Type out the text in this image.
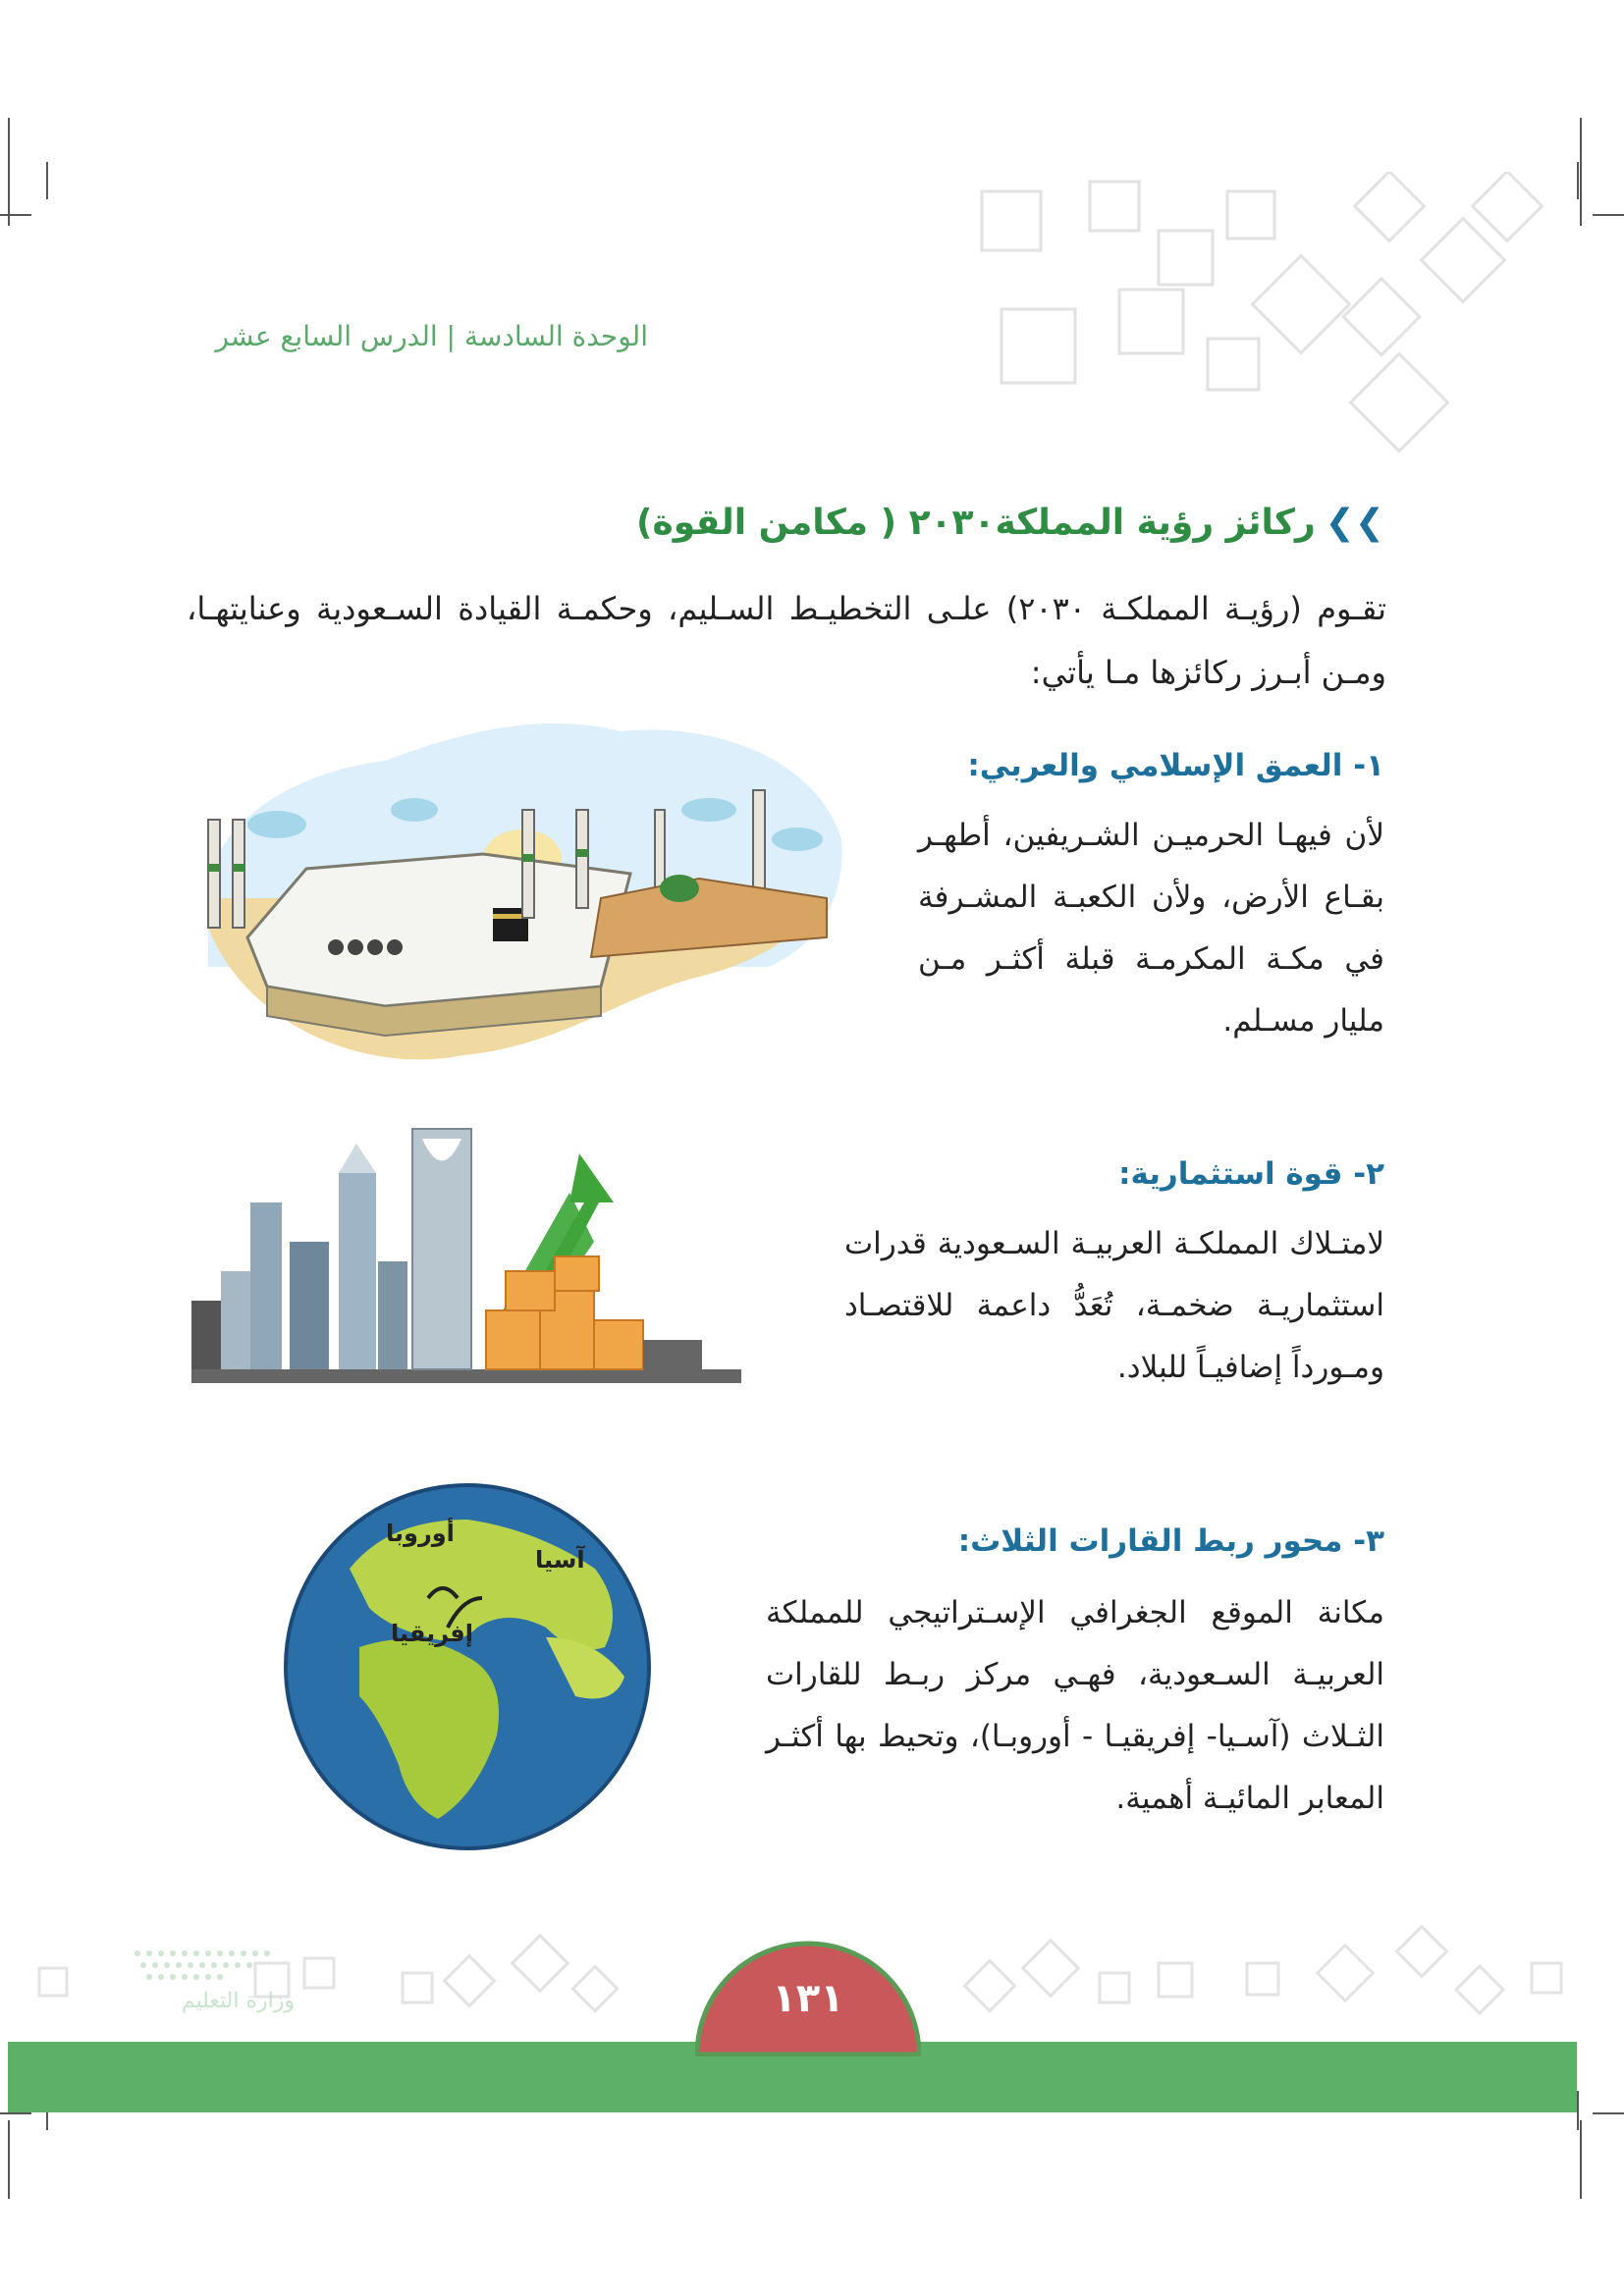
الوحدة السادسة | الدرس السابع عشر
❯❯ركائز رؤية المملكة٢٠٣٠ ( مكامن القوة)
تقـوم (رؤيـة المملكـة ٢٠٣٠) علـى التخطيـط السـليم، وحكمـة القيادة السـعودية وعنايتهـا، ومـن أبـرز ركائزها مـا يأتي:
١- العمق الإسلامي والعربي:
لأن فيهـا الحرميـن الشـريفين، أطهـر بقـاع الأرض، ولأن الكعبـة المشـرفة في مكـة المكرمـة قبلة أكثـر مـن مليار مسـلم.
٢- قوة استثمارية:
لامتـلاك المملكـة العربيـة السـعودية قدرات استثماريـة ضخمـة، تُعَدُّ داعمة للاقتصـاد ومـورداً إضافيـاً للبلاد.
٣- محور ربط القارات الثلاث:
مكانة الموقع الجغرافي الإسـتراتيجي للمملكة العربيـة السـعودية، فهـي مركز ربـط للقارات الثـلاث (آسـيا- إفريقيـا - أوروبـا)، وتحيط بها أكثـر المعابر المائيـة أهمية.
أوروبا
آسيا
إفريقيا
وزارة التعليم	١٣١
